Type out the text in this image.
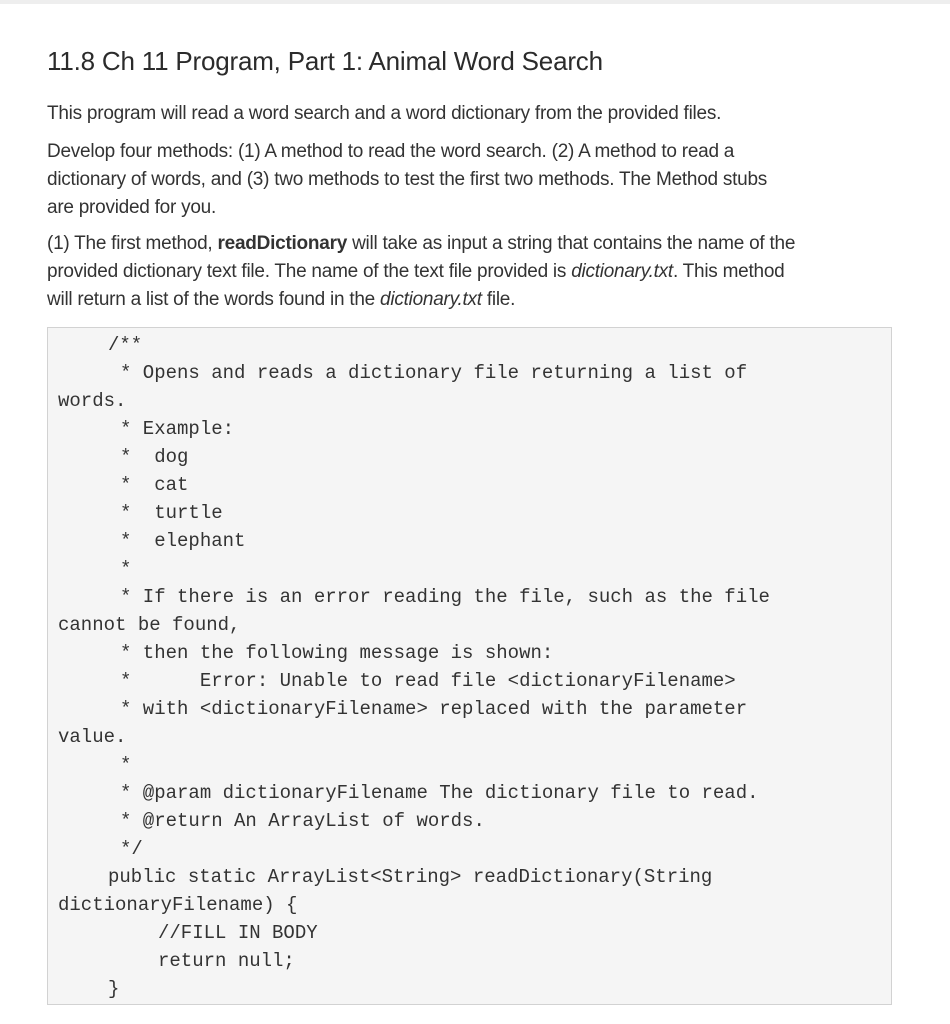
11.8 Ch 11 Program, Part 1: Animal Word Search

This program will read a word search and a word dictionary from the provided files.

Develop four methods: (1) A method to read the word search. (2) A method to read a
dictionary of words, and (3) two methods to test the first two methods. The Method stubs
are provided for you.

(1) The first method, readDictionary will take as input a string that contains the name of the
provided dictionary text file. The name of the text file provided is dictionary.txt. This method
will return a list of the words found in the dictionary.txt file.

/**
* Opens and reads a dictionary file returning a list of
words.
* Example:
*  dog
*  cat
*  turtle
*  elephant
*
* If there is an error reading the file, such as the file
cannot be found,
* then the following message is shown:
*      Error: Unable to read file <dictionaryFilename>
* with <dictionaryFilename> replaced with the parameter
value.
*
* @param dictionaryFilename The dictionary file to read.
* @return An ArrayList of words.
*/
public static ArrayList<String> readDictionary(String
dictionaryFilename) {
//FILL IN BODY
return null;
}
